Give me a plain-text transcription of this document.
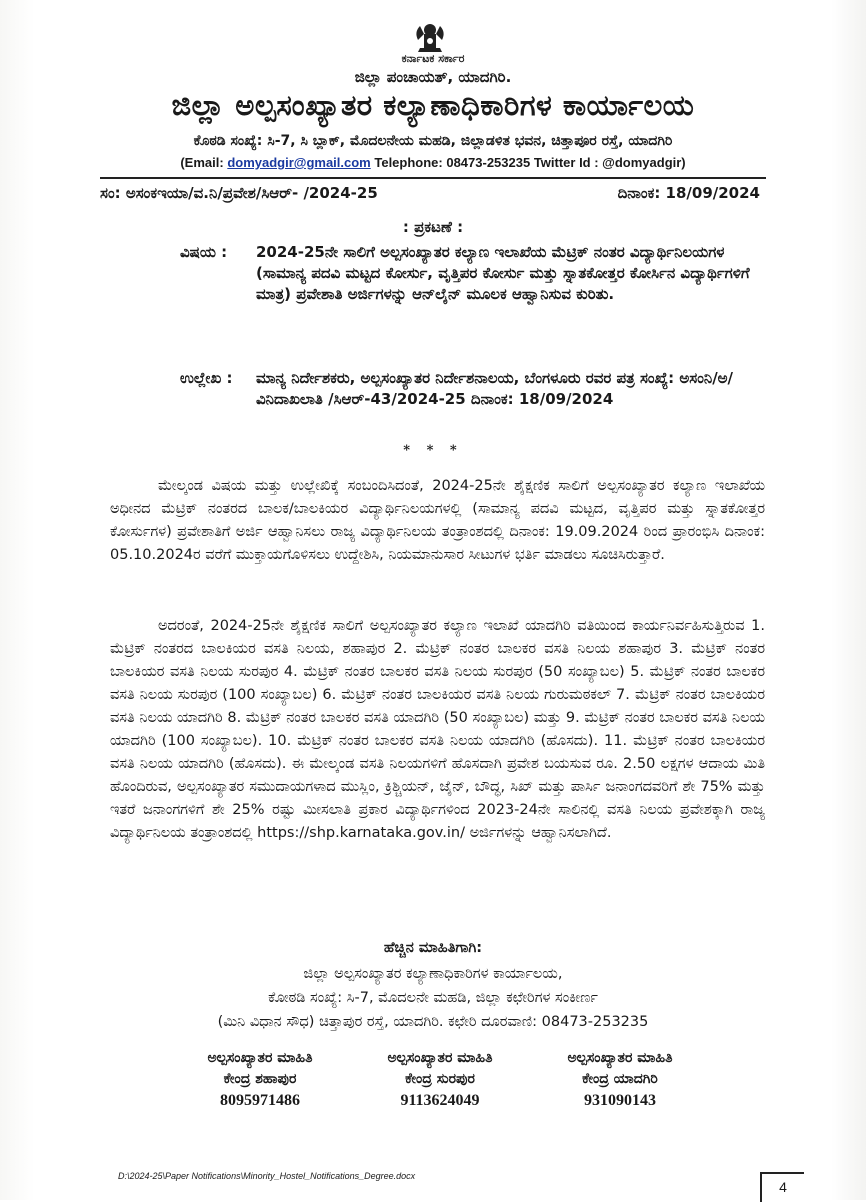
ಕರ್ನಾಟಕ ಸರ್ಕಾರ
ಜಿಲ್ಲಾ ಪಂಚಾಯತ್, ಯಾದಗಿರಿ.
ಜಿಲ್ಲಾ ಅಲ್ಪಸಂಖ್ಯಾತರ ಕಲ್ಯಾಣಾಧಿಕಾರಿಗಳ ಕಾರ್ಯಾಲಯ
ಕೊಠಡಿ ಸಂಖ್ಯೆ: ಸಿ-7, ಸಿ ಬ್ಲಾಕ್, ಮೊದಲನೇಯ ಮಹಡಿ, ಜಿಲ್ಲಾಡಳಿತ ಭವನ, ಚಿತ್ತಾಪೂರ ರಸ್ತೆ, ಯಾದಗಿರಿ
(Email: domyadgir@gmail.com Telephone: 08473-253235 Twitter Id : @domyadgir)
ಸಂ: ಅಸಂಕಇಯಾ/ವ.ನಿ/ಪ್ರವೇಶ/ಸಿಆರ್- /2024-25	ದಿನಾಂಕ: 18/09/2024
: ಪ್ರಕಟಣೆ :
ವಿಷಯ :	2024-25ನೇ ಸಾಲಿಗೆ ಅಲ್ಪಸಂಖ್ಯಾತರ ಕಲ್ಯಾಣ ಇಲಾಖೆಯ ಮೆಟ್ರಿಕ್ ನಂತರ ವಿದ್ಯಾರ್ಥಿನಿಲಯಗಳ (ಸಾಮಾನ್ಯ ಪದವಿ ಮಟ್ಟದ ಕೋರ್ಸು, ವೃತ್ತಿಪರ ಕೋರ್ಸು ಮತ್ತು ಸ್ನಾತಕೋತ್ತರ ಕೋರ್ಸಿನ ವಿದ್ಯಾರ್ಥಿಗಳಿಗೆ ಮಾತ್ರ) ಪ್ರವೇಶಾತಿ ಅರ್ಜಿಗಳನ್ನು ಆನ್‌ಲೈನ್ ಮೂಲಕ ಆಹ್ವಾನಿಸುವ ಕುರಿತು.
ಉಲ್ಲೇಖ :	ಮಾನ್ಯ ನಿರ್ದೇಶಕರು, ಅಲ್ಪಸಂಖ್ಯಾತರ ನಿರ್ದೇಶನಾಲಯ, ಬೆಂಗಳೂರು ರವರ ಪತ್ರ ಸಂಖ್ಯೆ: ಅಸಂನಿ/ಅ/ವಿನಿದಾಖಲಾತಿ /ಸಿಆರ್-43/2024-25 ದಿನಾಂಕ: 18/09/2024
* * *

ಮೇಲ್ಕಂಡ ವಿಷಯ ಮತ್ತು ಉಲ್ಲೇಖಿಕ್ಕೆ ಸಂಬಂದಿಸಿದಂತೆ, 2024-25ನೇ ಶೈಕ್ಷಣಿಕ ಸಾಲಿಗೆ ಅಲ್ಪಸಂಖ್ಯಾತರ ಕಲ್ಯಾಣ ಇಲಾಖೆಯ ಅಧೀನದ ಮೆಟ್ರಿಕ್ ನಂತರದ ಬಾಲಕ/ಬಾಲಕಿಯರ ವಿದ್ಯಾರ್ಥಿನಿಲಯಗಳಲ್ಲಿ (ಸಾಮಾನ್ಯ ಪದವಿ ಮಟ್ಟದ, ವೃತ್ತಿಪರ ಮತ್ತು ಸ್ನಾತಕೋತ್ತರ ಕೋರ್ಸುಗಳ) ಪ್ರವೇಶಾತಿಗೆ ಅರ್ಜಿ ಆಹ್ವಾನಿಸಲು ರಾಜ್ಯ ವಿದ್ಯಾರ್ಥಿನಿಲಯ ತಂತ್ರಾಂಶದಲ್ಲಿ ದಿನಾಂಕ: 19.09.2024 ರಿಂದ ಪ್ರಾರಂಭಿಸಿ ದಿನಾಂಕ: 05.10.2024ರ ವರೆಗೆ ಮುಕ್ತಾಯಗೊಳಿಸಲು ಉದ್ದೇಶಿಸಿ, ನಿಯಮಾನುಸಾರ ಸೀಟುಗಳ ಭರ್ತಿ ಮಾಡಲು ಸೂಚಿಸಿರುತ್ತಾರೆ.

ಅದರಂತೆ, 2024-25ನೇ ಶೈಕ್ಷಣಿಕ ಸಾಲಿಗೆ ಅಲ್ಪಸಂಖ್ಯಾತರ ಕಲ್ಯಾಣ ಇಲಾಖೆ ಯಾದಗಿರಿ ವತಿಯಿಂದ ಕಾರ್ಯನಿರ್ವಹಿಸುತ್ತಿರುವ 1. ಮೆಟ್ರಿಕ್ ನಂತರದ ಬಾಲಕಿಯರ ವಸತಿ ನಿಲಯ, ಶಹಾಪುರ 2. ಮೆಟ್ರಿಕ್ ನಂತರ ಬಾಲಕರ ವಸತಿ ನಿಲಯ ಶಹಾಪುರ 3. ಮೆಟ್ರಿಕ್ ನಂತರ ಬಾಲಕಿಯರ ವಸತಿ ನಿಲಯ ಸುರಪುರ 4. ಮೆಟ್ರಿಕ್ ನಂತರ ಬಾಲಕರ ವಸತಿ ನಿಲಯ ಸುರಪುರ (50 ಸಂಖ್ಯಾಬಲ) 5. ಮೆಟ್ರಿಕ್ ನಂತರ ಬಾಲಕರ ವಸತಿ ನಿಲಯ ಸುರಪುರ (100 ಸಂಖ್ಯಾಬಲ) 6. ಮೆಟ್ರಿಕ್ ನಂತರ ಬಾಲಕಿಯರ ವಸತಿ ನಿಲಯ ಗುರುಮಠಕಲ್ 7. ಮೆಟ್ರಿಕ್ ನಂತರ ಬಾಲಕಿಯರ ವಸತಿ ನಿಲಯ ಯಾದಗಿರಿ 8. ಮೆಟ್ರಿಕ್ ನಂತರ ಬಾಲಕರ ವಸತಿ ಯಾದಗಿರಿ (50 ಸಂಖ್ಯಾಬಲ) ಮತ್ತು 9. ಮೆಟ್ರಿಕ್ ನಂತರ ಬಾಲಕರ ವಸತಿ ನಿಲಯ ಯಾದಗಿರಿ (100 ಸಂಖ್ಯಾಬಲ). 10. ಮೆಟ್ರಿಕ್ ನಂತರ ಬಾಲಕರ ವಸತಿ ನಿಲಯ ಯಾದಗಿರಿ (ಹೊಸದು). 11. ಮೆಟ್ರಿಕ್ ನಂತರ ಬಾಲಕಿಯರ ವಸತಿ ನಿಲಯ ಯಾದಗಿರಿ (ಹೊಸದು). ಈ ಮೇಲ್ಕಂಡ ವಸತಿ ನಿಲಯಗಳಿಗೆ ಹೊಸದಾಗಿ ಪ್ರವೇಶ ಬಯಸುವ ರೂ. 2.50 ಲಕ್ಷಗಳ ಆದಾಯ ಮಿತಿ ಹೊಂದಿರುವ, ಅಲ್ಪಸಂಖ್ಯಾತರ ಸಮುದಾಯಗಳಾದ ಮುಸ್ಲಿಂ, ಕ್ರಿಶ್ಚಿಯನ್, ಜೈನ್, ಬೌದ್ಧ, ಸಿಖ್ ಮತ್ತು ಪಾರ್ಸಿ ಜನಾಂಗದವರಿಗೆ ಶೇ 75% ಮತ್ತು ಇತರೆ ಜನಾಂಗಗಳಿಗೆ ಶೇ 25% ರಷ್ಟು ಮೀಸಲಾತಿ ಪ್ರಕಾರ ವಿದ್ಯಾರ್ಥಿಗಳಿಂದ 2023-24ನೇ ಸಾಲಿನಲ್ಲಿ ವಸತಿ ನಿಲಯ ಪ್ರವೇಶಕ್ಕಾಗಿ ರಾಜ್ಯ ವಿದ್ಯಾರ್ಥಿನಿಲಯ ತಂತ್ರಾಂಶದಲ್ಲಿ https://shp.karnataka.gov.in/ ಅರ್ಜಿಗಳನ್ನು ಆಹ್ವಾನಿಸಲಾಗಿದೆ.

ಹೆಚ್ಚಿನ ಮಾಹಿತಿಗಾಗಿ:
ಜಿಲ್ಲಾ ಅಲ್ಪಸಂಖ್ಯಾತರ ಕಲ್ಯಾಣಾಧಿಕಾರಿಗಳ ಕಾರ್ಯಾಲಯ,
ಕೋಠಡಿ ಸಂಖ್ಯೆ: ಸಿ-7, ಮೊದಲನೇ ಮಹಡಿ, ಜಿಲ್ಲಾ ಕಛೇರಿಗಳ ಸಂಕೀರ್ಣ
(ಮಿನಿ ವಿಧಾನ ಸೌಧ) ಚಿತ್ತಾಪುರ ರಸ್ತೆ, ಯಾದಗಿರಿ. ಕಛೇರಿ ದೂರವಾಣಿ: 08473-253235
ಅಲ್ಪಸಂಖ್ಯಾತರ ಮಾಹಿತಿ
ಕೇಂದ್ರ ಶಹಾಪುರ
8095971486
ಅಲ್ಪಸಂಖ್ಯಾತರ ಮಾಹಿತಿ
ಕೇಂದ್ರ ಸುರಪುರ
9113624049
ಅಲ್ಪಸಂಖ್ಯಾತರ ಮಾಹಿತಿ
ಕೇಂದ್ರ ಯಾದಗಿರಿ
931090143
D:\2024-25\Paper Notifications\Minority_Hostel_Notifications_Degree.docx
4
